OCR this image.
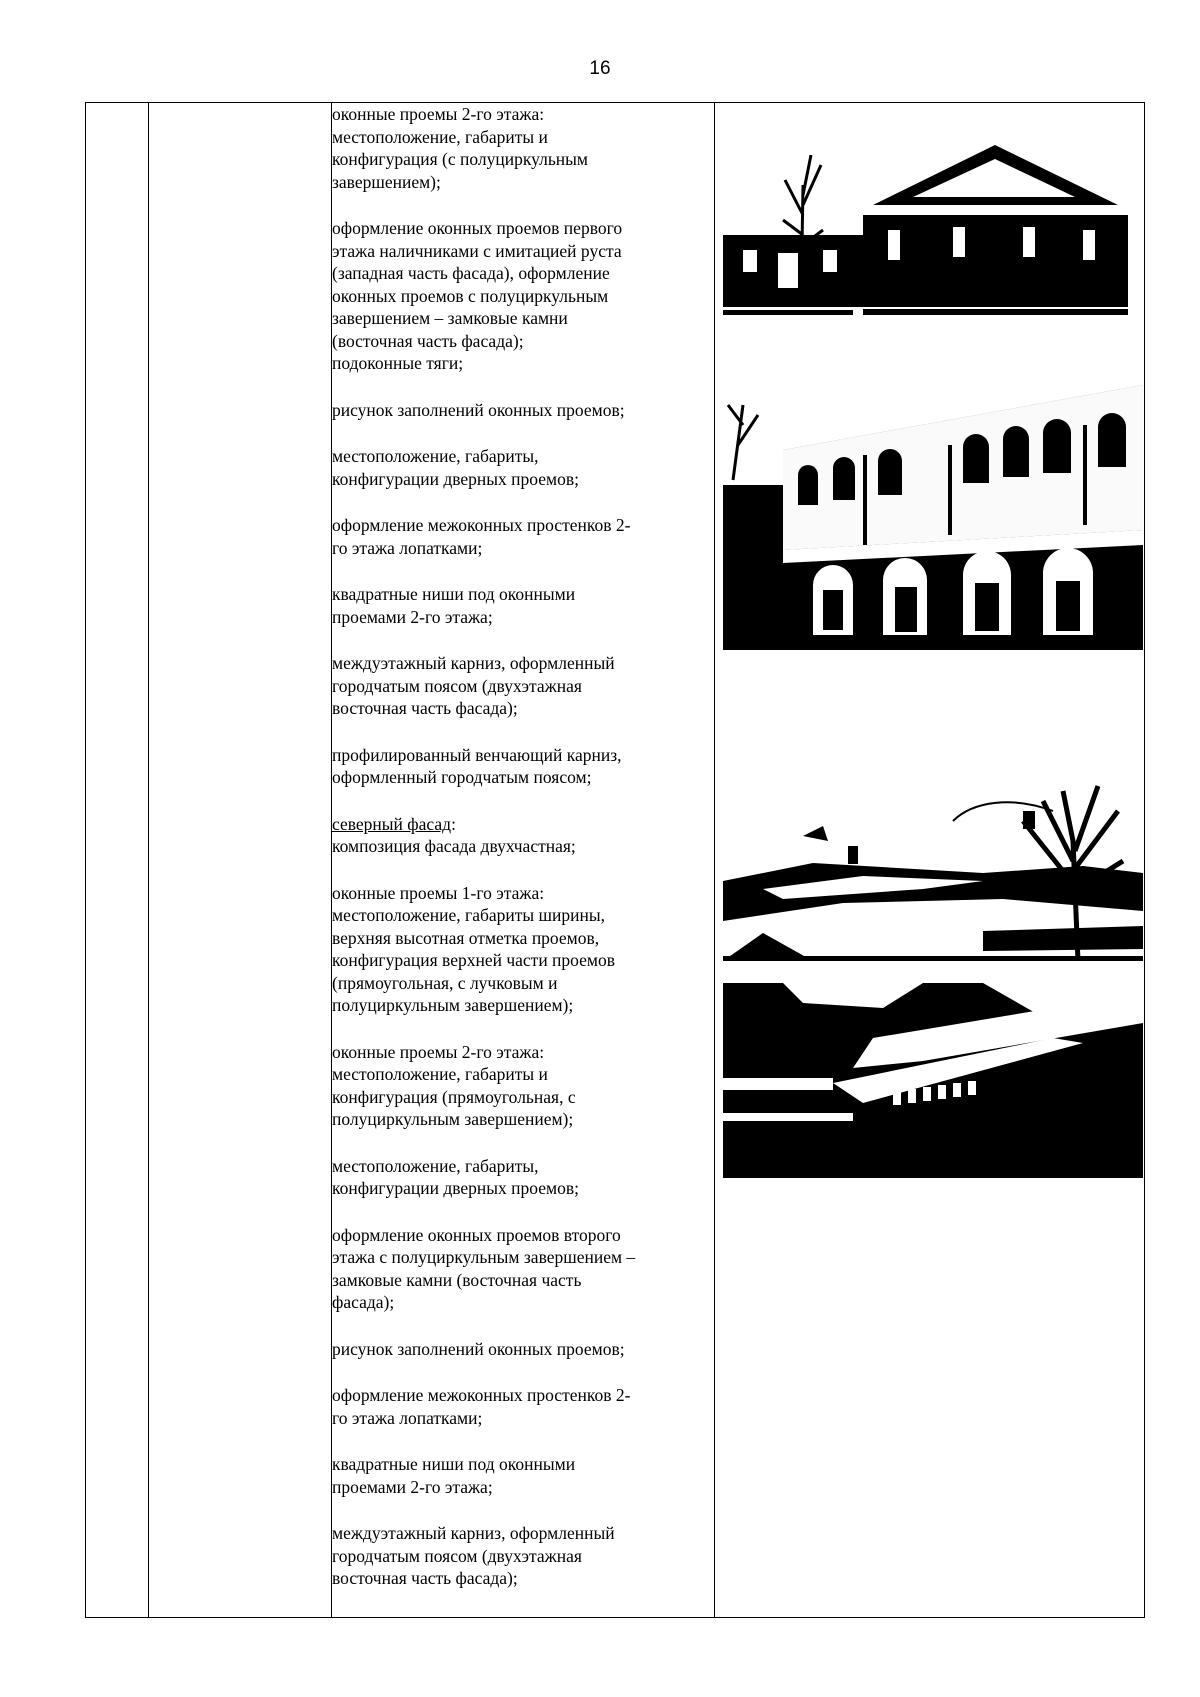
16

оконные проемы 2-го этажа:
местоположение, габариты и
конфигурация (с полуциркульным
завершением);
оформление оконных проемов первого
этажа наличниками с имитацией руста
(западная часть фасада), оформление
оконных проемов с полуциркульным
завершением – замковые камни
(восточная часть фасада);
подоконные тяги;
рисунок заполнений оконных проемов;
местоположение, габариты,
конфигурации дверных проемов;
оформление межоконных простенков 2-
го этажа лопатками;
квадратные ниши под оконными
проемами 2-го этажа;
междуэтажный карниз, оформленный
городчатым поясом (двухэтажная
восточная часть фасада);
профилированный венчающий карниз,
оформленный городчатым поясом;
северный фасад:
композиция фасада двухчастная;
оконные проемы 1-го этажа:
местоположение, габариты ширины,
верхняя высотная отметка проемов,
конфигурация верхней части проемов
(прямоугольная, с лучковым и
полуциркульным завершением);
оконные проемы 2-го этажа:
местоположение, габариты и
конфигурация (прямоугольная, с
полуциркульным завершением);
местоположение, габариты,
конфигурации дверных проемов;
оформление оконных проемов второго
этажа с полуциркульным завершением –
замковые камни (восточная часть
фасада);
рисунок заполнений оконных проемов;
оформление межоконных простенков 2-
го этажа лопатками;
квадратные ниши под оконными
проемами 2-го этажа;
междуэтажный карниз, оформленный
городчатым поясом (двухэтажная
восточная часть фасада);
